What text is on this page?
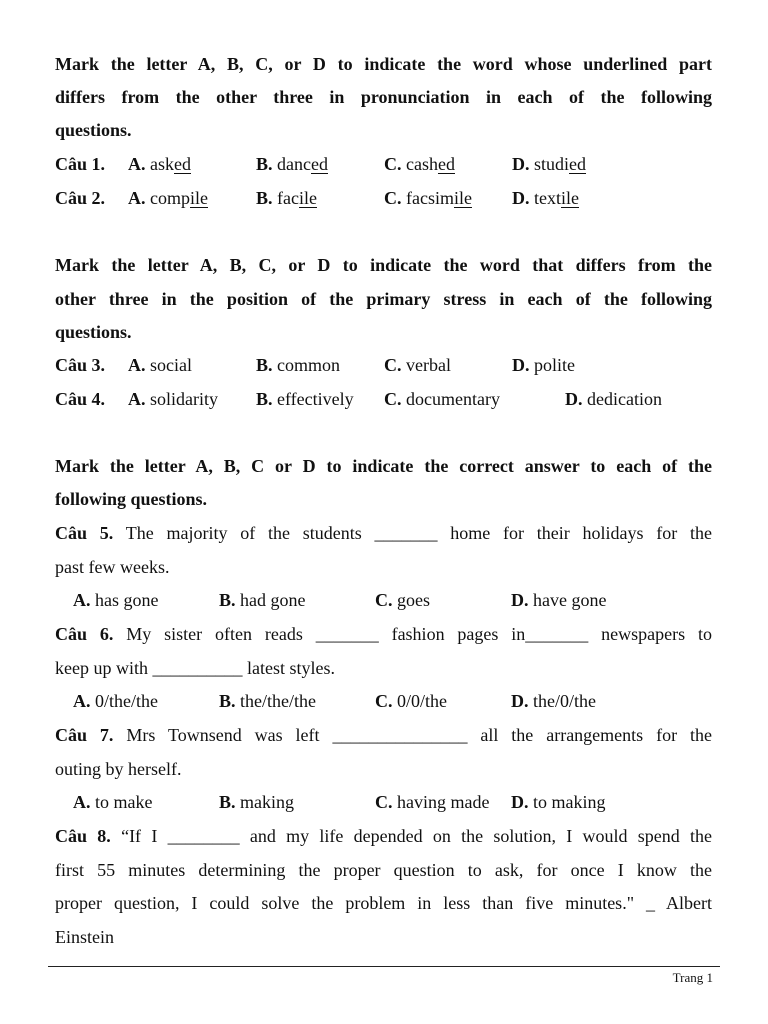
Mark the letter A, B, C, or D to indicate the word whose underlined part
differs from the other three in pronunciation in each of the following
questions.
Câu 1. A. asked	B. danced	C. cashed	D. studied
Câu 2. A. compile	B. facile	C. facsimile D. textile
Mark the letter A, B, C, or D to indicate the word that differs from the
other three in the position of the primary stress in each of the following
questions.
Câu 3. A. social	B. common C. verbal	D. polite
Câu 4. A. solidarity B. effectively C. documentary	D. dedication
Mark the letter A, B, C or D to indicate the correct answer to each of the
following questions.
Câu 5. The majority of the students _______ home for their holidays for the
past few weeks.
A. has gone	B. had gone	C. goes	D. have gone
Câu 6. My sister often reads _______ fashion pages in_______ newspapers to
keep up with __________ latest styles.
A. 0/the/the	B. the/the/the	C. 0/0/the	D. the/0/the
Câu 7. Mrs Townsend was left _______________ all the arrangements for the
outing by herself.
A. to make	B. making	C. having made D. to making
Câu 8. “If I ________ and my life depended on the solution, I would spend the
first 55 minutes determining the proper question to ask, for once I know the
proper question, I could solve the problem in less than five minutes." _ Albert
Einstein
Trang 1
